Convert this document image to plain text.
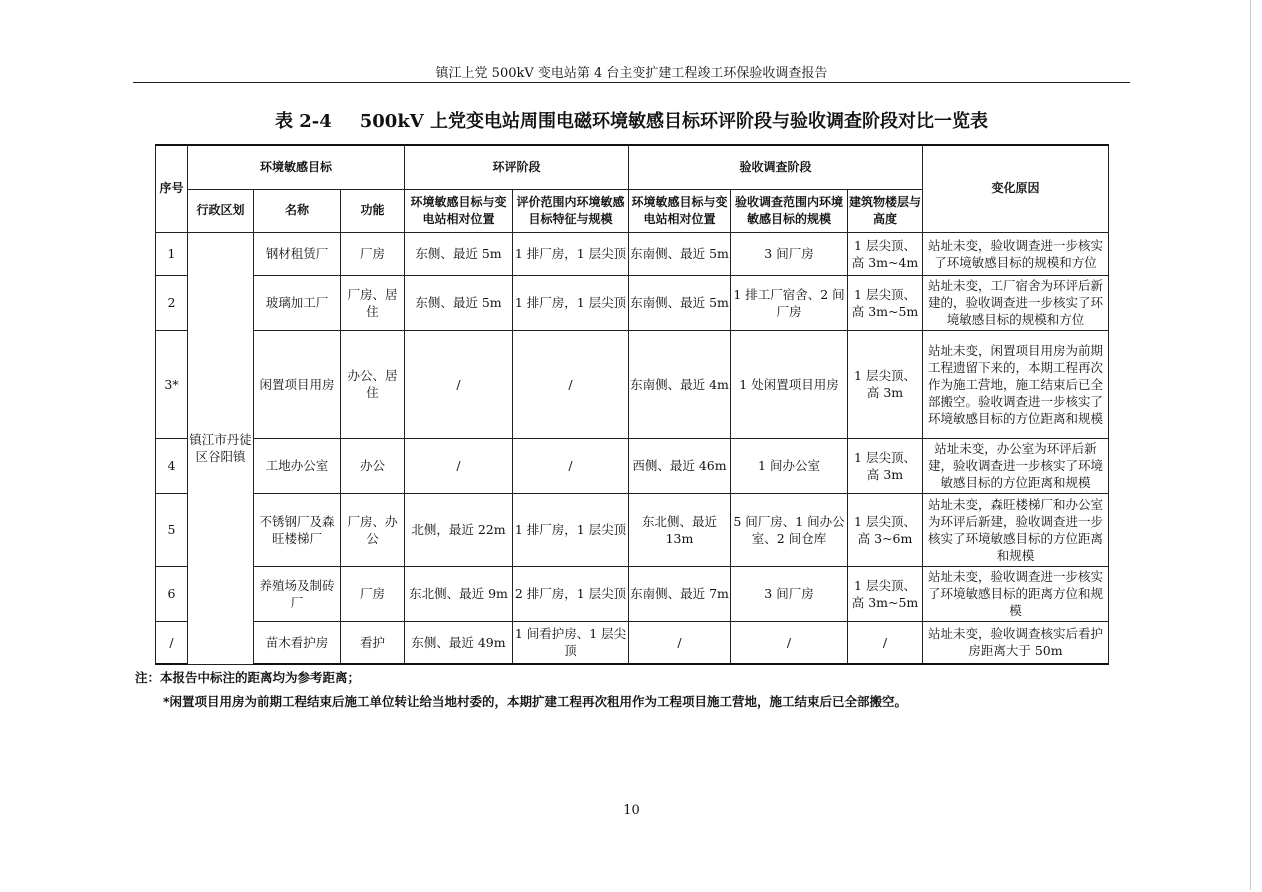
镇江上党 500kV 变电站第 4 台主变扩建工程竣工环保验收调查报告
表 2-4 500kV 上党变电站周围电磁环境敏感目标环评阶段与验收调查阶段对比一览表
序号	环境敏感目标			环评阶段		验收调查阶段			变化原因
	行政区划	名称	功能	环境敏感目标与变电站相对位置	评价范围内环境敏感目标特征与规模	环境敏感目标与变电站相对位置	验收调查范围内环境敏感目标的规模	建筑物楼层与高度	
1	镇江市丹徒区谷阳镇	钢材租赁厂	厂房	东侧、最近 5m	1 排厂房，1 层尖顶	东南侧、最近 5m	3 间厂房	1 层尖顶、高 3m~4m	站址未变，验收调查进一步核实了环境敏感目标的规模和方位
2		玻璃加工厂	厂房、居住	东侧、最近 5m	1 排厂房，1 层尖顶	东南侧、最近 5m	1 排工厂宿舍、2 间厂房	1 层尖顶、高 3m~5m	站址未变，工厂宿舍为环评后新建的，验收调查进一步核实了环境敏感目标的规模和方位
3*		闲置项目用房	办公、居住	/	/	东南侧、最近 4m	1 处闲置项目用房	1 层尖顶、高 3m	站址未变，闲置项目用房为前期工程遗留下来的，本期工程再次作为施工营地，施工结束后已全部搬空。验收调查进一步核实了环境敏感目标的方位距离和规模
4		工地办公室	办公	/	/	西侧、最近 46m	1 间办公室	1 层尖顶、高 3m	站址未变，办公室为环评后新建，验收调查进一步核实了环境敏感目标的方位距离和规模
5		不锈钢厂及森旺楼梯厂	厂房、办公	北侧，最近 22m	1 排厂房，1 层尖顶	东北侧、最近 13m	5 间厂房、1 间办公室、2 间仓库	1 层尖顶、高 3~6m	站址未变，森旺楼梯厂和办公室为环评后新建，验收调查进一步核实了环境敏感目标的方位距离和规模
6		养殖场及制砖厂	厂房	东北侧、最近 9m	2 排厂房，1 层尖顶	东南侧、最近 7m	3 间厂房	1 层尖顶、高 3m~5m	站址未变，验收调查进一步核实了环境敏感目标的距离方位和规模
/		苗木看护房	看护	东侧、最近 49m	1 间看护房、1 层尖顶	/	/	/	站址未变，验收调查核实后看护房距离大于 50m
注：本报告中标注的距离均为参考距离；
*闲置项目用房为前期工程结束后施工单位转让给当地村委的，本期扩建工程再次租用作为工程项目施工营地，施工结束后已全部搬空。
10
